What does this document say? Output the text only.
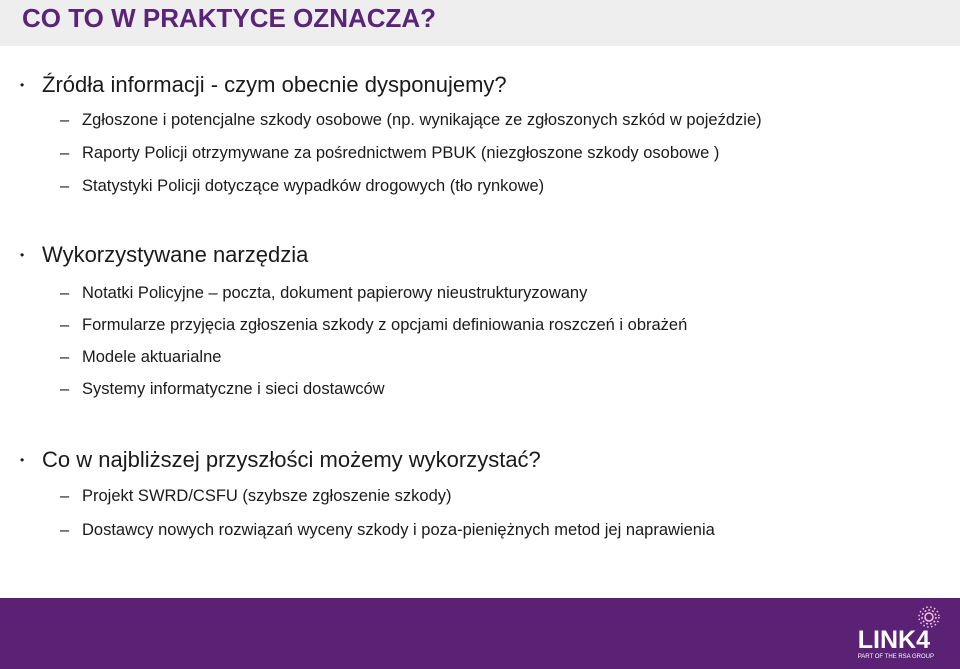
CO TO W PRAKTYCE OZNACZA?
• Źródła informacji - czym obecnie dysponujemy?
– Zgłoszone i potencjalne szkody osobowe (np. wynikające ze zgłoszonych szkód w pojeździe)
– Raporty Policji otrzymywane za pośrednictwem PBUK (niezgłoszone szkody osobowe )
– Statystyki Policji dotyczące wypadków drogowych (tło rynkowe)
• Wykorzystywane narzędzia
– Notatki Policyjne – poczta, dokument papierowy nieustrukturyzowany
– Formularze przyjęcia zgłoszenia szkody z opcjami definiowania roszczeń i obrażeń
– Modele aktuarialne
– Systemy informatyczne i sieci dostawców
• Co w najbliższej przyszłości możemy wykorzystać?
– Projekt SWRD/CSFU (szybsze zgłoszenie szkody)
– Dostawcy nowych rozwiązań wyceny szkody i poza-pieniężnych metod jej naprawienia
LINK4
PART OF THE RSA GROUP
